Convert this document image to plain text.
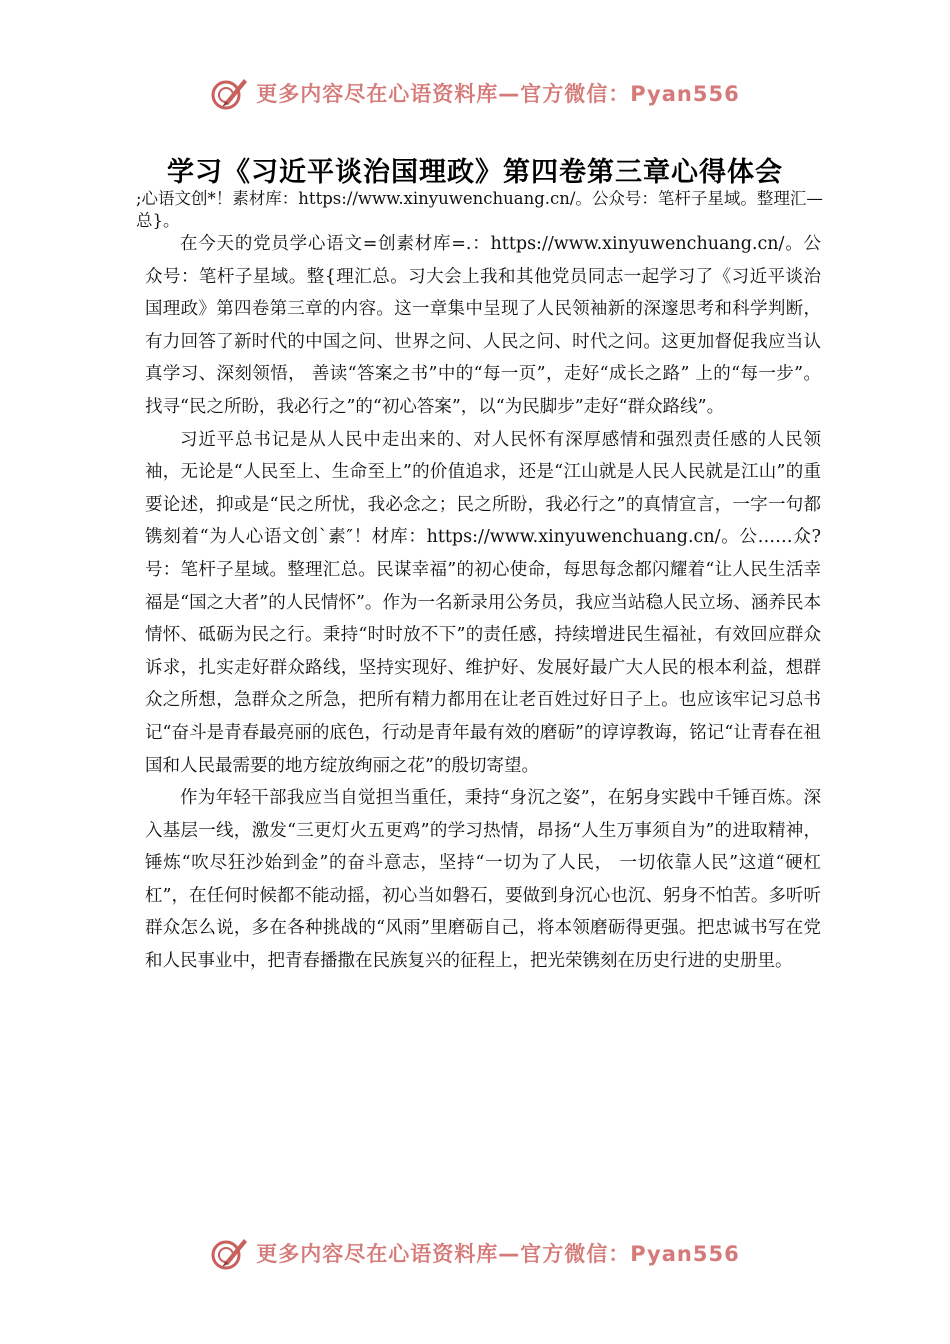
更多内容尽在心语资料库—官方微信：Pyan556
学习《习近平谈治国理政》第四卷第三章心得体会

;心语文创*！素材库：https://www.xinyuwenchuang.cn/。公众号：笔杆子星域。整理汇—总}。

在今天的党员学心语文=创素材库=.：https://www.xinyuwenchuang.cn/。公众号：笔杆子星域。整{理汇总。习大会上我和其他党员同志一起学习了《习近平谈治国理政》第四卷第三章的内容。这一章集中呈现了人民领袖新的深邃思考和科学判断， 有力回答了新时代的中国之问、世界之问、人民之问、时代之问。这更加督促我应当认真学习、深刻领悟， 善读“答案之书”中的“每一页”，走好“成长之路” 上的“每一步”。找寻“民之所盼，我必行之”的“初心答案”，以“为民脚步”走好“群众路线”。

习近平总书记是从人民中走出来的、对人民怀有深厚感情和强烈责任感的人民领袖，无论是“人民至上、生命至上”的价值追求，还是“江山就是人民人民就是江山”的重要论述，抑或是“民之所忧，我必念之；民之所盼，我必行之”的真情宣言，一字一句都镌刻着“为人心语文创`素″！材库：https://www.xinyuwenchuang.cn/。公……众?号：笔杆子星域。整理汇总。民谋幸福”的初心使命，每思每念都闪耀着“让人民生活幸福是“国之大者”的人民情怀”。作为一名新录用公务员，我应当站稳人民立场、涵养民本情怀、砥砺为民之行。秉持“时时放不下”的责任感，持续增进民生福祉，有效回应群众诉求，扎实走好群众路线，坚持实现好、维护好、发展好最广大人民的根本利益，想群众之所想，急群众之所急，把所有精力都用在让老百姓过好日子上。也应该牢记习总书记“奋斗是青春最亮丽的底色，行动是青年最有效的磨砺”的谆谆教诲，铭记“让青春在祖国和人民最需要的地方绽放绚丽之花”的殷切寄望。

作为年轻干部我应当自觉担当重任，秉持“身沉之姿”，在躬身实践中千锤百炼。深入基层一线，激发“三更灯火五更鸡”的学习热情，昂扬“人生万事须自为”的进取精神，锤炼“吹尽狂沙始到金”的奋斗意志，坚持“一切为了人民， 一切依靠人民”这道“硬杠杠”，在任何时候都不能动摇，初心当如磐石，要做到身沉心也沉、躬身不怕苦。多听听群众怎么说，多在各种挑战的“风雨”里磨砺自己，将本领磨砺得更强。把忠诚书写在党和人民事业中，把青春播撒在民族复兴的征程上，把光荣镌刻在历史行进的史册里。

更多内容尽在心语资料库—官方微信：Pyan556
